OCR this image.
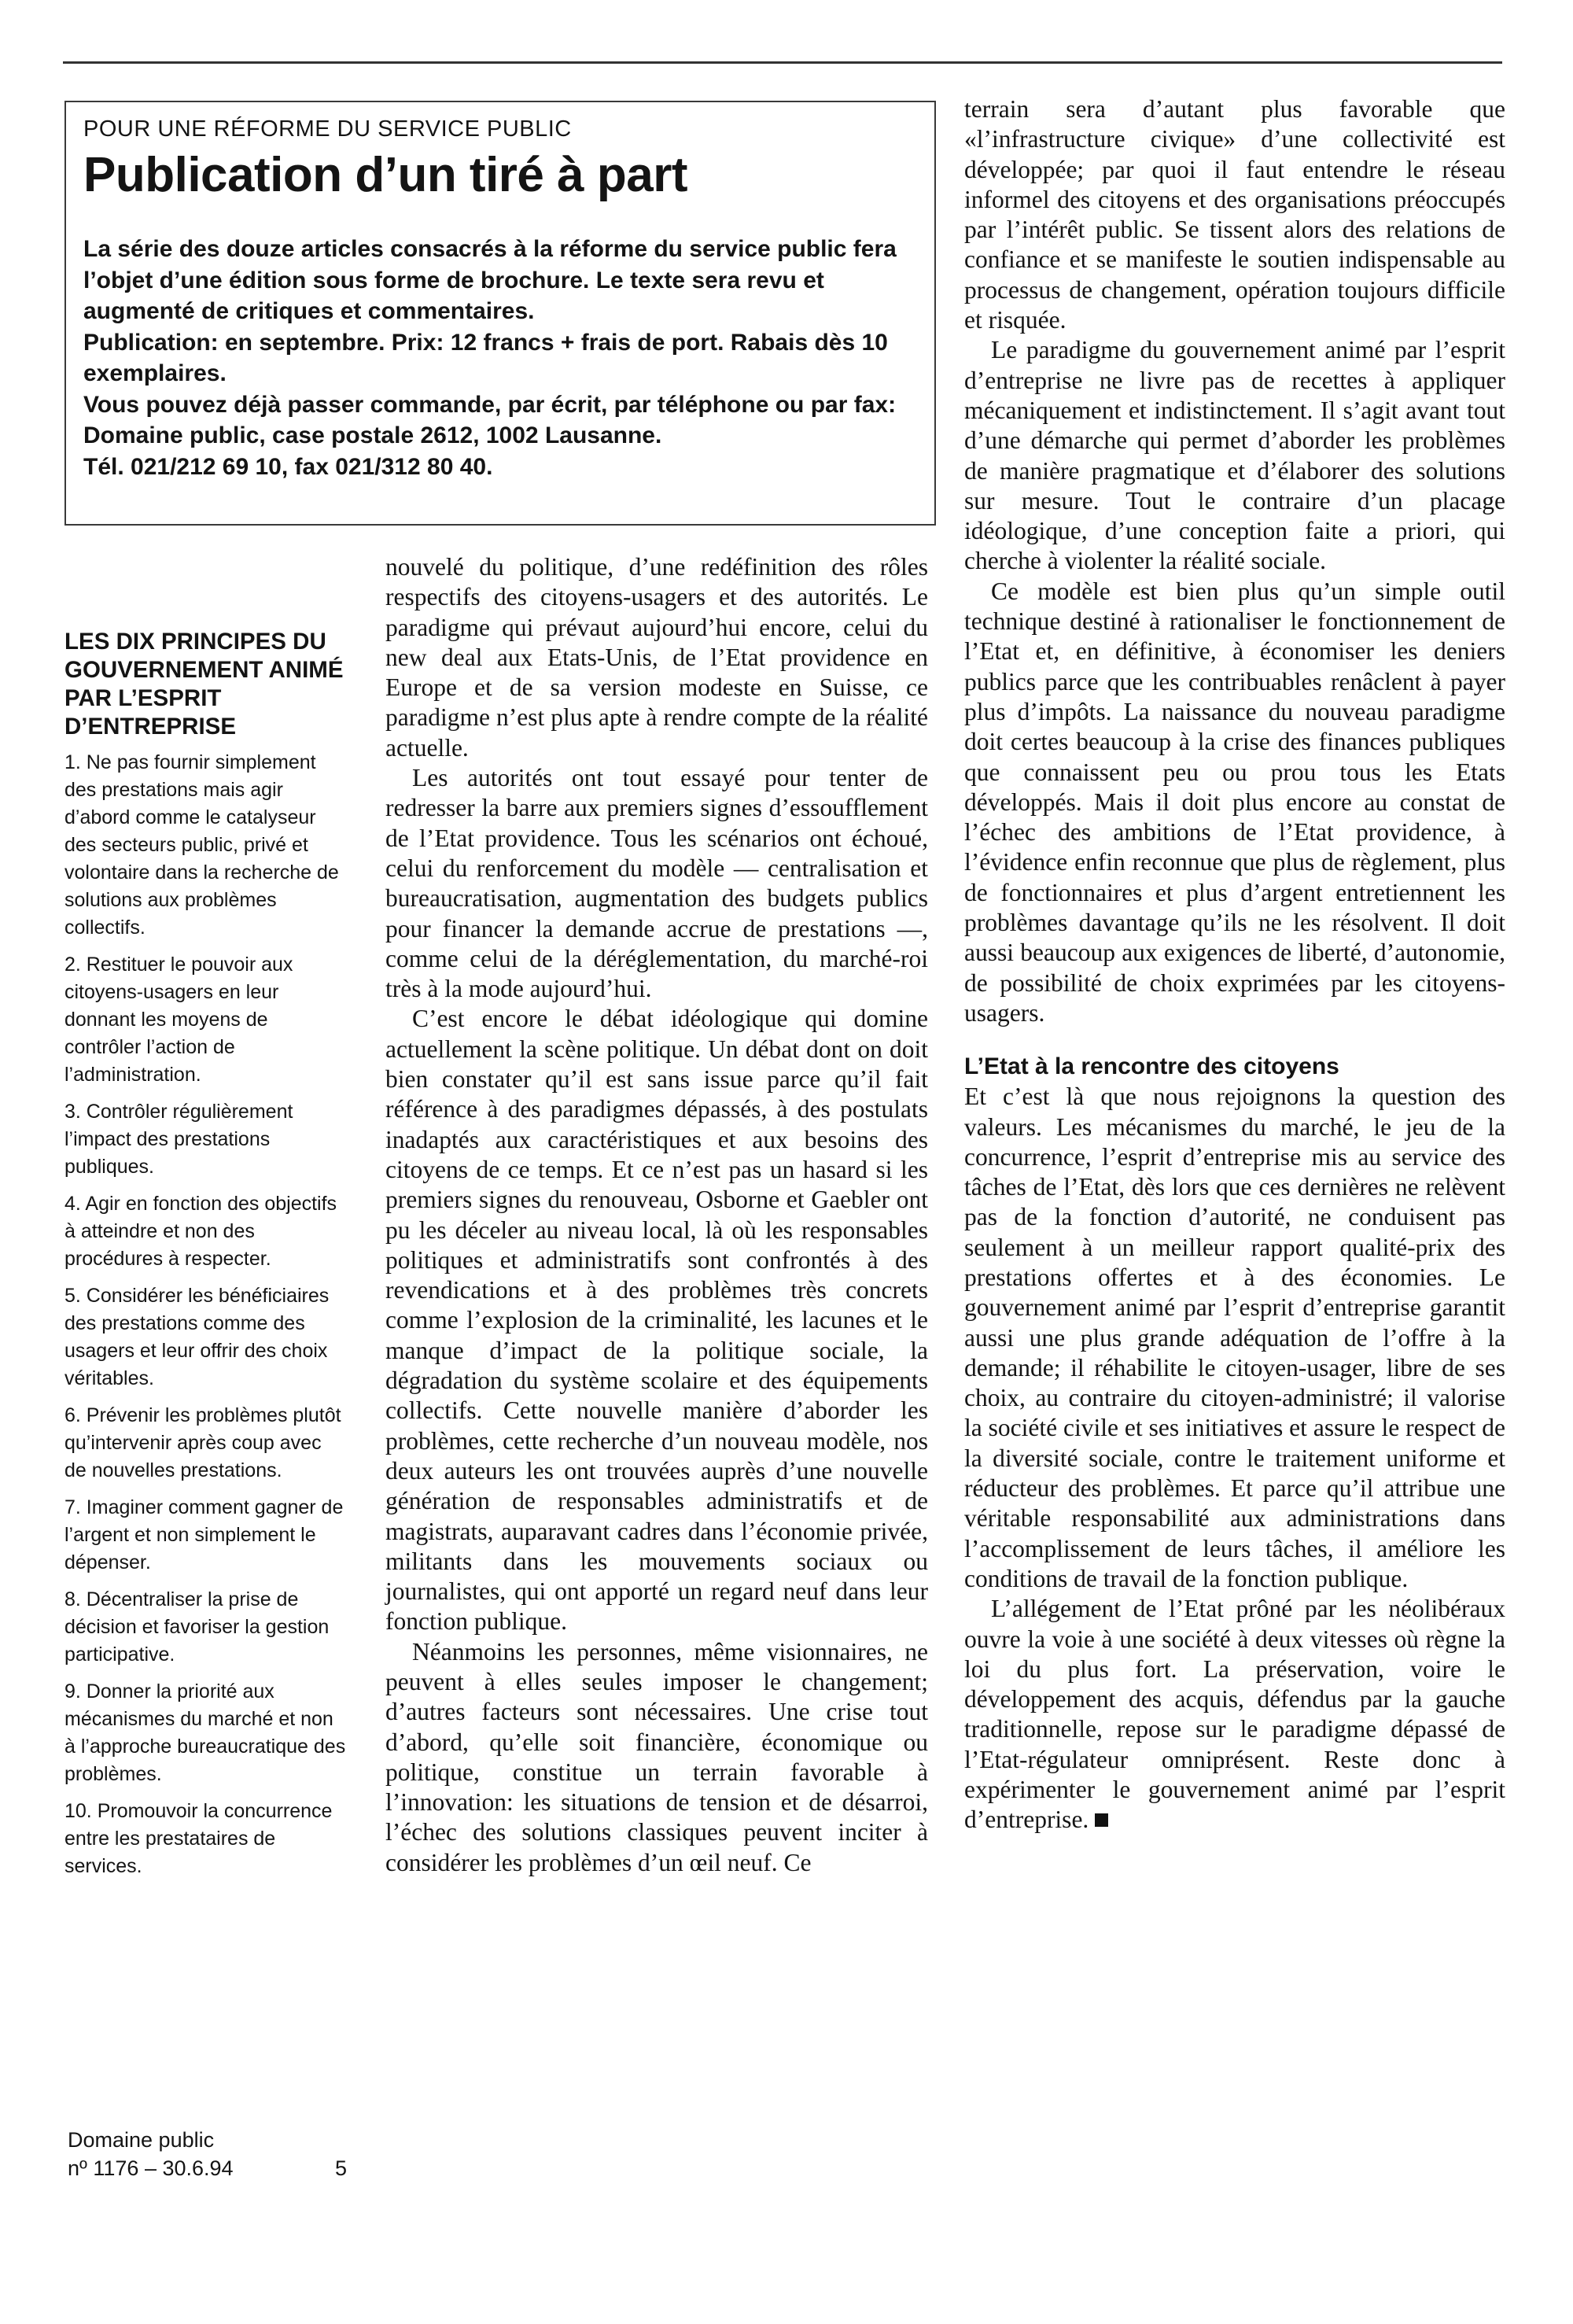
POUR UNE RÉFORME DU SERVICE PUBLIC

Publication d’un tiré à part

La série des douze articles consacrés à la réforme du service public fera l’objet d’une édition sous forme de brochure. Le texte sera revu et augmenté de critiques et commentaires.

Publication: en septembre. Prix: 12 francs + frais de port. Rabais dès 10 exemplaires.

Vous pouvez déjà passer commande, par écrit, par téléphone ou par fax: Domaine public, case postale 2612, 1002 Lausanne.

Tél. 021/212 69 10, fax 021/312 80 40.

LES DIX PRINCIPES DU GOUVERNEMENT ANIMÉ PAR L’ESPRIT D’ENTREPRISE

1. Ne pas fournir simplement des prestations mais agir d’abord comme le catalyseur des secteurs public, privé et volontaire dans la recherche de solutions aux problèmes collectifs.

2. Restituer le pouvoir aux citoyens-usagers en leur donnant les moyens de contrôler l’action de l’administration.

3. Contrôler régulièrement l’impact des prestations publiques.

4. Agir en fonction des objectifs à atteindre et non des procédures à respecter.

5. Considérer les bénéficiaires des prestations comme des usagers et leur offrir des choix véritables.

6. Prévenir les problèmes plutôt qu’intervenir après coup avec de nouvelles prestations.

7. Imaginer comment gagner de l’argent et non simplement le dépenser.

8. Décentraliser la prise de décision et favoriser la gestion participative.

9. Donner la priorité aux mécanismes du marché et non à l’approche bureaucratique des problèmes.

10. Promouvoir la concurrence entre les prestataires de services.

Domaine public
nº 1176 – 30.6.94	5

nouvelé du politique, d’une redéfinition des rôles respectifs des citoyens-usagers et des autorités. Le paradigme qui prévaut aujourd’hui encore, celui du new deal aux Etats-Unis, de l’Etat providence en Europe et de sa version modeste en Suisse, ce paradigme n’est plus apte à rendre compte de la réalité actuelle.

Les autorités ont tout essayé pour tenter de redresser la barre aux premiers signes d’essoufflement de l’Etat providence. Tous les scénarios ont échoué, celui du renforcement du modèle — centralisation et bureaucratisation, augmentation des budgets publics pour financer la demande accrue de prestations —, comme celui de la déréglementation, du marché-roi très à la mode aujourd’hui.

C’est encore le débat idéologique qui domine actuellement la scène politique. Un débat dont on doit bien constater qu’il est sans issue parce qu’il fait référence à des paradigmes dépassés, à des postulats inadaptés aux caractéristiques et aux besoins des citoyens de ce temps. Et ce n’est pas un hasard si les premiers signes du renouveau, Osborne et Gaebler ont pu les déceler au niveau local, là où les responsables politiques et administratifs sont confrontés à des revendications et à des problèmes très concrets comme l’explosion de la criminalité, les lacunes et le manque d’impact de la politique sociale, la dégradation du système scolaire et des équipements collectifs. Cette nouvelle manière d’aborder les problèmes, cette recherche d’un nouveau modèle, nos deux auteurs les ont trouvées auprès d’une nouvelle génération de responsables administratifs et de magistrats, auparavant cadres dans l’économie privée, militants dans les mouvements sociaux ou journalistes, qui ont apporté un regard neuf dans leur fonction publique.

Néanmoins les personnes, même visionnaires, ne peuvent à elles seules imposer le changement; d’autres facteurs sont nécessaires. Une crise tout d’abord, qu’elle soit financière, économique ou politique, constitue un terrain favorable à l’innovation: les situations de tension et de désarroi, l’échec des solutions classiques peuvent inciter à considérer les problèmes d’un œil neuf. Ce

terrain sera d’autant plus favorable que «l’infrastructure civique» d’une collectivité est développée; par quoi il faut entendre le réseau informel des citoyens et des organisations préoccupés par l’intérêt public. Se tissent alors des relations de confiance et se manifeste le soutien indispensable au processus de changement, opération toujours difficile et risquée.

Le paradigme du gouvernement animé par l’esprit d’entreprise ne livre pas de recettes à appliquer mécaniquement et indistinctement. Il s’agit avant tout d’une démarche qui permet d’aborder les problèmes de manière pragmatique et d’élaborer des solutions sur mesure. Tout le contraire d’un placage idéologique, d’une conception faite a priori, qui cherche à violenter la réalité sociale.

Ce modèle est bien plus qu’un simple outil technique destiné à rationaliser le fonctionnement de l’Etat et, en définitive, à économiser les deniers publics parce que les contribuables renâclent à payer plus d’impôts. La naissance du nouveau paradigme doit certes beaucoup à la crise des finances publiques que connaissent peu ou prou tous les Etats développés. Mais il doit plus encore au constat de l’échec des ambitions de l’Etat providence, à l’évidence enfin reconnue que plus de règlement, plus de fonctionnaires et plus d’argent entretiennent les problèmes davantage qu’ils ne les résolvent. Il doit aussi beaucoup aux exigences de liberté, d’autonomie, de possibilité de choix exprimées par les citoyens-usagers.

L’Etat à la rencontre des citoyens

Et c’est là que nous rejoignons la question des valeurs. Les mécanismes du marché, le jeu de la concurrence, l’esprit d’entreprise mis au service des tâches de l’Etat, dès lors que ces dernières ne relèvent pas de la fonction d’autorité, ne conduisent pas seulement à un meilleur rapport qualité-prix des prestations offertes et à des économies. Le gouvernement animé par l’esprit d’entreprise garantit aussi une plus grande adéquation de l’offre à la demande; il réhabilite le citoyen-usager, libre de ses choix, au contraire du citoyen-administré; il valorise la société civile et ses initiatives et assure le respect de la diversité sociale, contre le traitement uniforme et réducteur des problèmes. Et parce qu’il attribue une véritable responsabilité aux administrations dans l’accomplissement de leurs tâches, il améliore les conditions de travail de la fonction publique.

L’allégement de l’Etat prôné par les néolibéraux ouvre la voie à une société à deux vitesses où règne la loi du plus fort. La préservation, voire le développement des acquis, défendus par la gauche traditionnelle, repose sur le paradigme dépassé de l’Etat-régulateur omniprésent. Reste donc à expérimenter le gouvernement animé par l’esprit d’entreprise.
